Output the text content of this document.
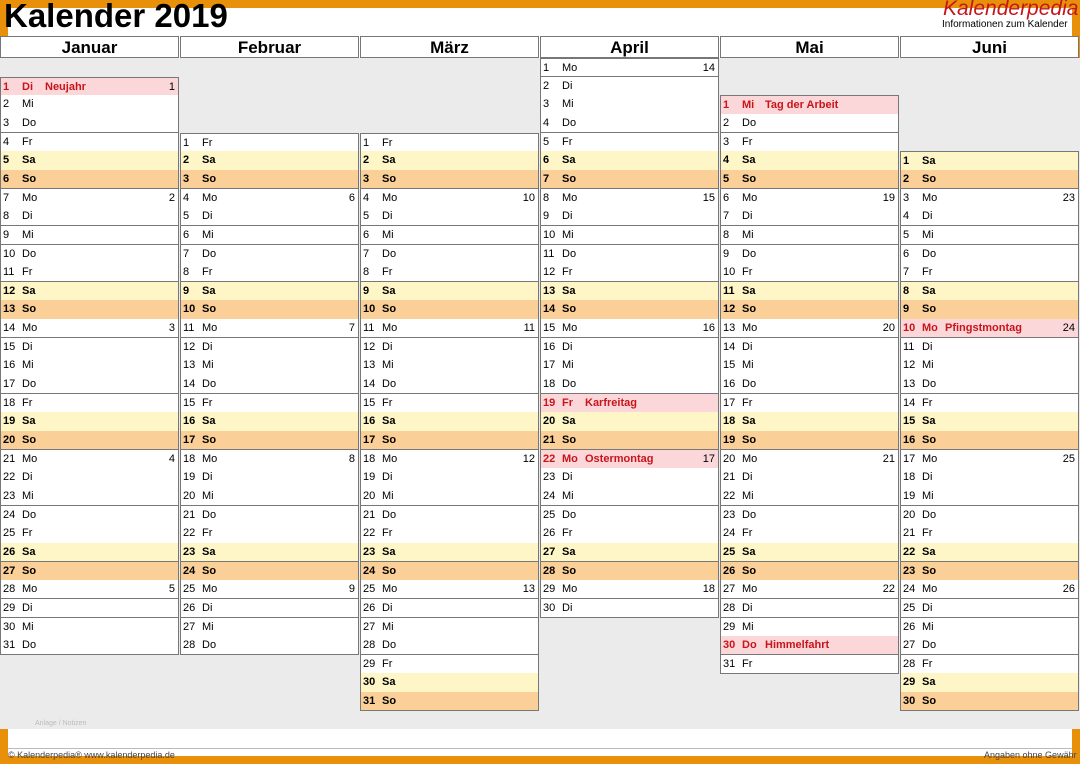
Kalender 2019	Kalenderpedia
Informationen zum Kalender
Januar
1 Di Neujahr	1
2 Mi
3 Do
4 Fr
5 Sa
6 So
7 Mo	2
8 Di
9 Mi
10 Do
11 Fr
12 Sa
13 So
14 Mo	3
15 Di
16 Mi
17 Do
18 Fr
19 Sa
20 So
21 Mo	4
22 Di
23 Mi
24 Do
25 Fr
26 Sa
27 So
28 Mo	5
29 Di
30 Mi
31 Do
Februar
1 Fr
2 Sa
3 So
4 Mo	6
5 Di
6 Mi
7 Do
8 Fr
9 Sa
10 So
11 Mo	7
12 Di
13 Mi
14 Do
15 Fr
16 Sa
17 So
18 Mo	8
19 Di
20 Mi
21 Do
22 Fr
23 Sa
24 So
25 Mo	9
26 Di
27 Mi
28 Do
März
1 Fr
2 Sa
3 So
4 Mo	10
5 Di
6 Mi
7 Do
8 Fr
9 Sa
10 So
11 Mo	11
12 Di
13 Mi
14 Do
15 Fr
16 Sa
17 So
18 Mo	12
19 Di
20 Mi
21 Do
22 Fr
23 Sa
24 So
25 Mo	13
26 Di
27 Mi
28 Do
29 Fr
30 Sa
31 So
April
1 Mo	14
2 Di
3 Mi
4 Do
5 Fr
6 Sa
7 So
8 Mo	15
9 Di
10 Mi
11 Do
12 Fr
13 Sa
14 So
15 Mo	16
16 Di
17 Mi
18 Do
19 Fr Karfreitag
20 Sa
21 So
22 Mo Ostermontag	17
23 Di
24 Mi
25 Do
26 Fr
27 Sa
28 So
29 Mo	18
30 Di
Mai
1 Mi Tag der Arbeit
2 Do
3 Fr
4 Sa
5 So
6 Mo	19
7 Di
8 Mi
9 Do
10 Fr
11 Sa
12 So
13 Mo	20
14 Di
15 Mi
16 Do
17 Fr
18 Sa
19 So
20 Mo	21
21 Di
22 Mi
23 Do
24 Fr
25 Sa
26 So
27 Mo	22
28 Di
29 Mi
30 Do Himmelfahrt
31 Fr
Juni
1 Sa
2 So
3 Mo	23
4 Di
5 Mi
6 Do
7 Fr
8 Sa
9 So
10 Mo Pfingstmontag	24
11 Di
12 Mi
13 Do
14 Fr
15 Sa
16 So
17 Mo	25
18 Di
19 Mi
20 Do
21 Fr
22 Sa
23 So
24 Mo	26
25 Di
26 Mi
27 Do
28 Fr
29 Sa
30 So
Anlage / Notizen
© Kalenderpedia® www.kalenderpedia.de	Angaben ohne Gewähr
